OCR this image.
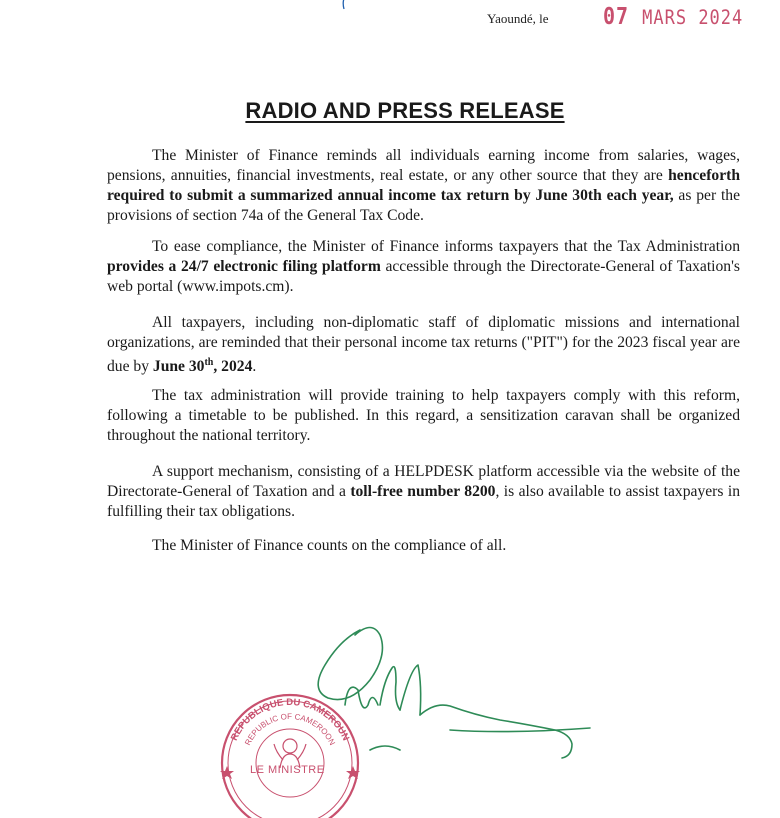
Yaoundé, le	07 MARS 2024
RADIO AND PRESS RELEASE

The Minister of Finance reminds all individuals earning income from salaries, wages, pensions, annuities, financial investments, real estate, or any other source that they are henceforth required to submit a summarized annual income tax return by June 30th each year, as per the provisions of section 74a of the General Tax Code.

To ease compliance, the Minister of Finance informs taxpayers that the Tax Administration provides a 24/7 electronic filing platform accessible through the Directorate-General of Taxation's web portal (www.impots.cm).

All taxpayers, including non-diplomatic staff of diplomatic missions and international organizations, are reminded that their personal income tax returns ("PIT") for the 2023 fiscal year are due by June 30th, 2024.

The tax administration will provide training to help taxpayers comply with this reform, following a timetable to be published. In this regard, a sensitization caravan shall be organized throughout the national territory.

A support mechanism, consisting of a HELPDESK platform accessible via the website of the Directorate-General of Taxation and a toll-free number 8200, is also available to assist taxpayers in fulfilling their tax obligations.

The Minister of Finance counts on the compliance of all.

REPUBLIQUE DU CAMEROUN
REPUBLIC OF CAMEROON
LE MINISTRE
